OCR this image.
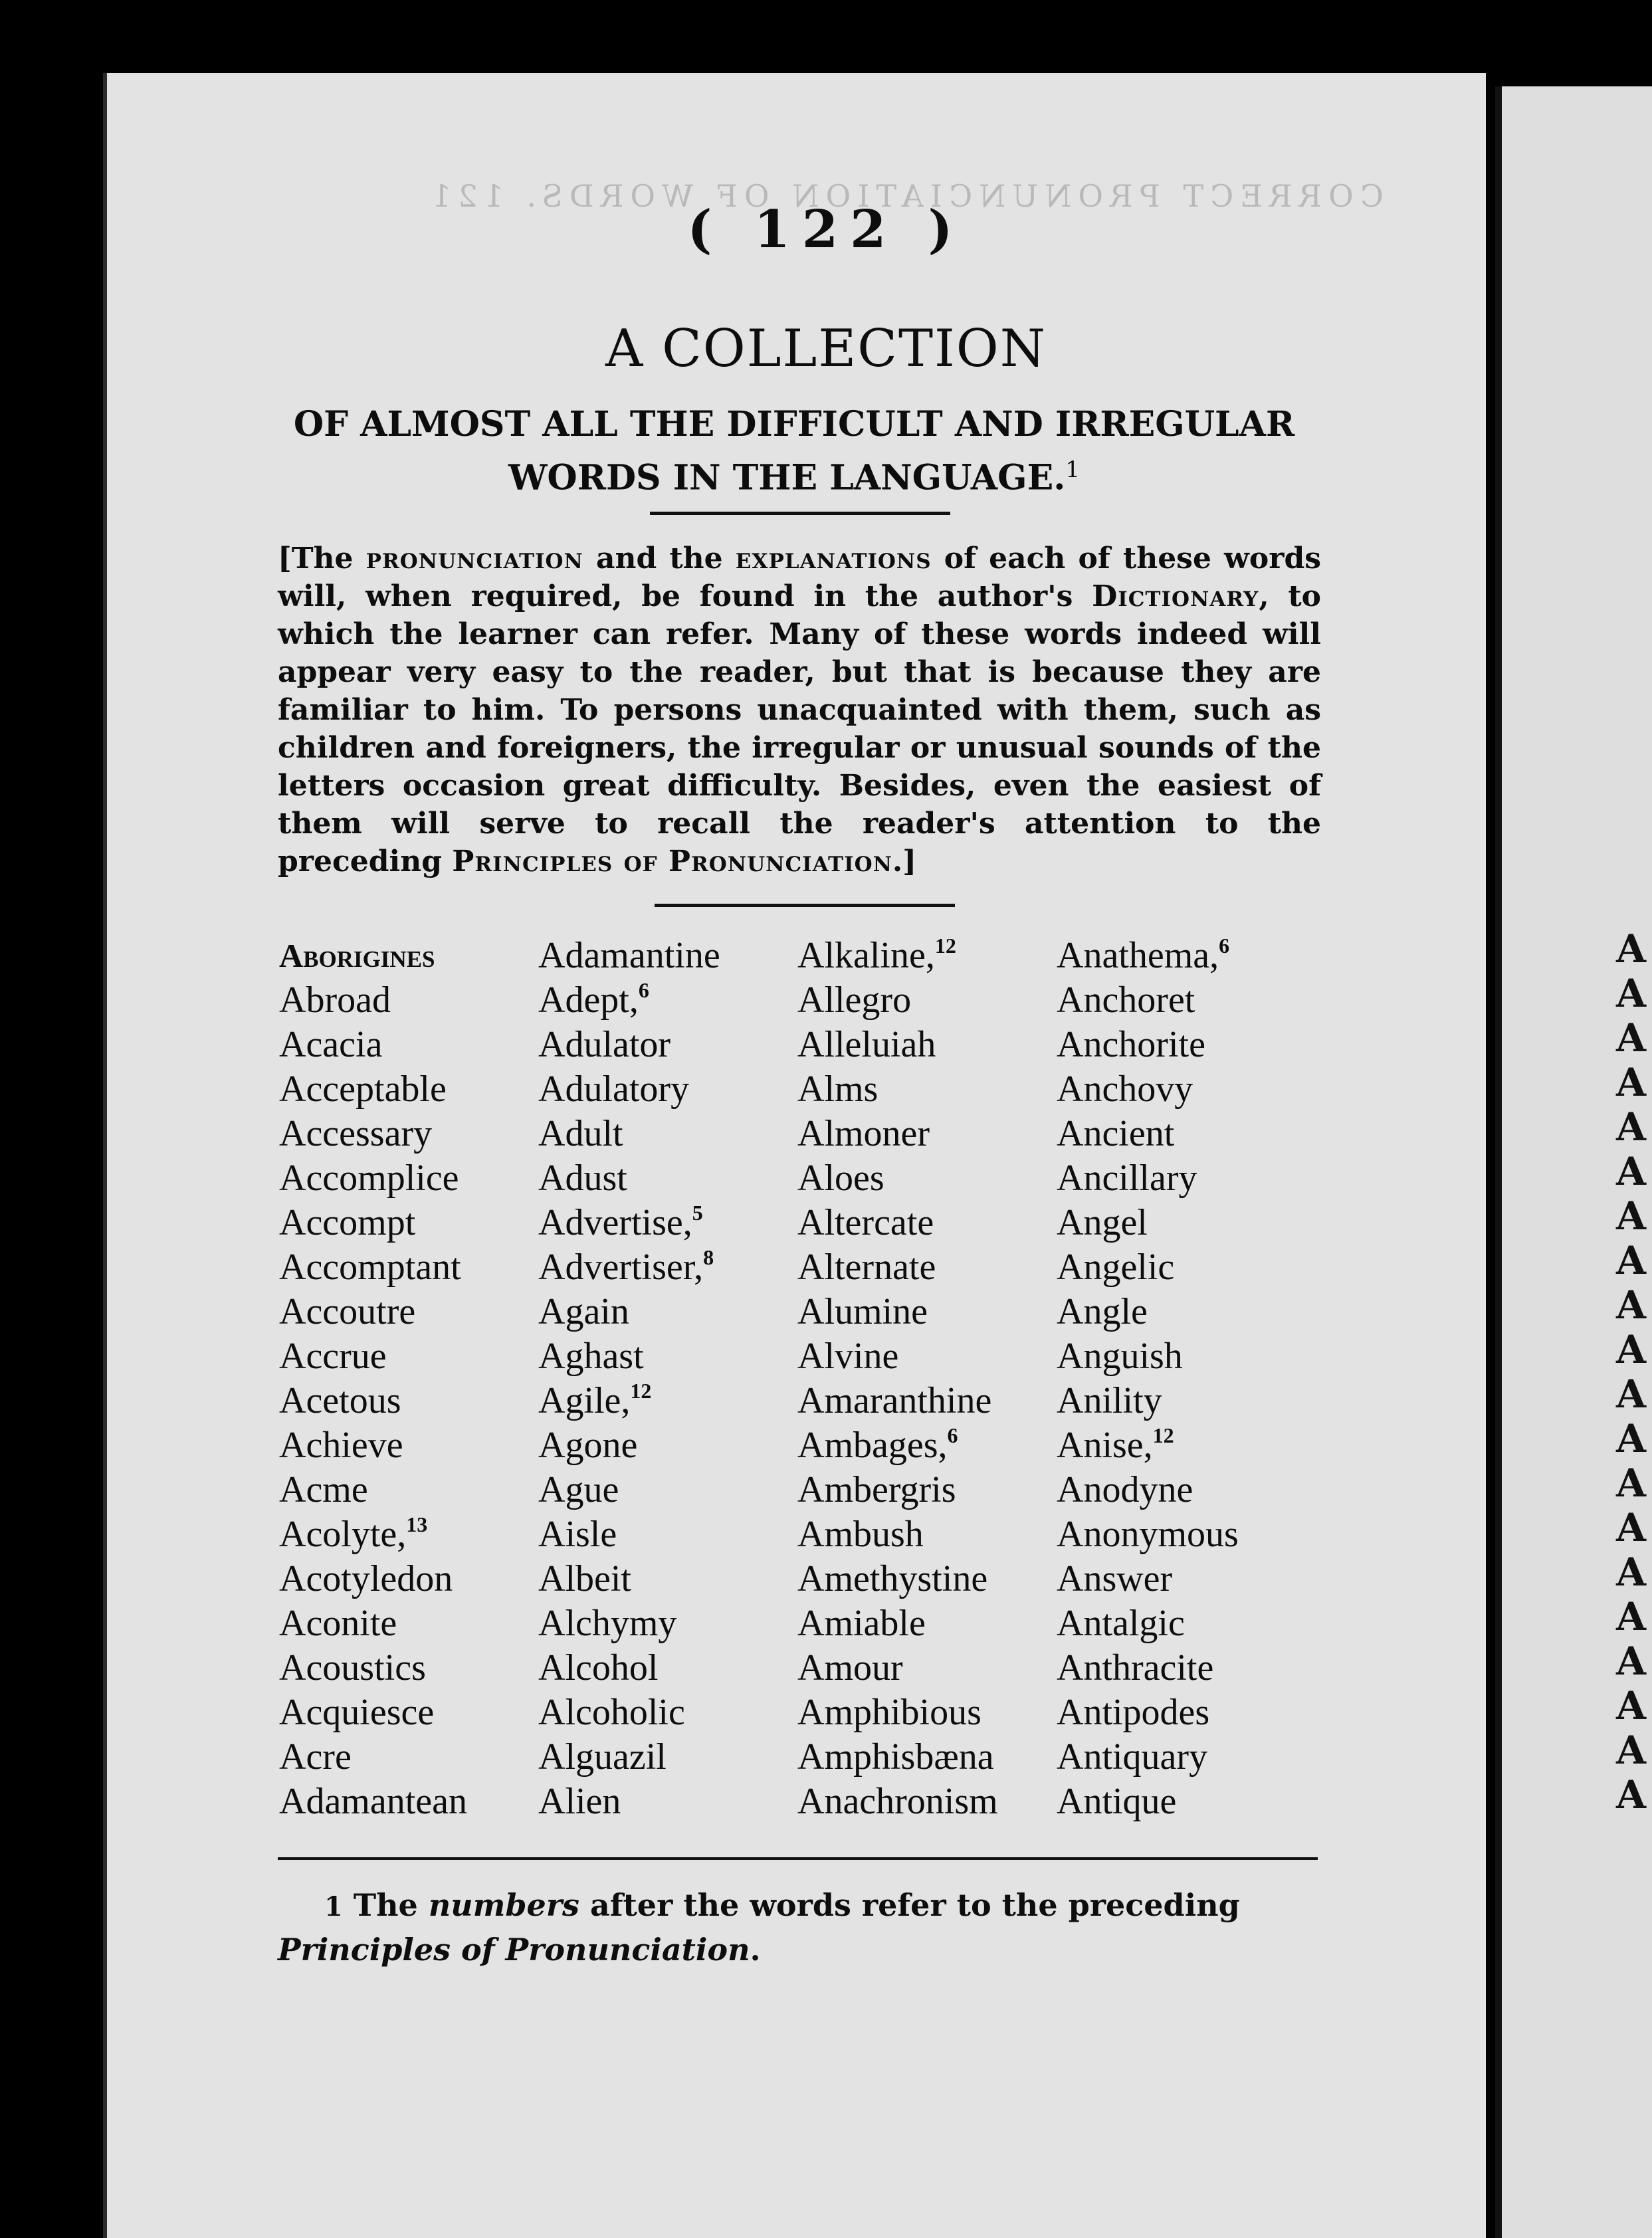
A
A
A
A
A
A
A
A
A
A
A
A
A
A
A
A
A
A
A
A
CORRECT PRONUNCIATION OF WORDS. 121
( 122 )
A COLLECTION
OF ALMOST ALL THE DIFFICULT AND IRREGULAR
WORDS IN THE LANGUAGE.$^1$
[The pronunciation and the explanations of each of these words will, when required, be found in the author's Dictionary, to which the learner can refer. Many of these words indeed will appear very easy to the reader, but that is because they are familiar to him. To persons unacquainted with them, such as children and foreigners, the irregular or unusual sounds of the letters occasion great difficulty. Besides, even the easiest of them will serve to recall the reader's attention to the preceding Principles of Pronunciation.]
Aborigines
Abroad
Acacia
Acceptable
Accessary
Accomplice
Accompt
Accomptant
Accoutre
Accrue
Acetous
Achieve
Acme
Acolyte,$^{13}$
Acotyledon
Aconite
Acoustics
Acquiesce
Acre
Adamantean
Adamantine
Adept,$^6$
Adulator
Adulatory
Adult
Adust
Advertise,$^5$
Advertiser,$^8$
Again
Aghast
Agile,$^{12}$
Agone
Ague
Aisle
Albeit
Alchymy
Alcohol
Alcoholic
Alguazil
Alien
Alkaline,$^{12}$
Allegro
Alleluiah
Alms
Almoner
Aloes
Altercate
Alternate
Alumine
Alvine
Amaranthine
Ambages,$^6$
Ambergris
Ambush
Amethystine
Amiable
Amour
Amphibious
Amphisbæna
Anachronism
Anathema,$^6$
Anchoret
Anchorite
Anchovy
Ancient
Ancillary
Angel
Angelic
Angle
Anguish
Anility
Anise,$^{12}$
Anodyne
Anonymous
Answer
Antalgic
Anthracite
Antipodes
Antiquary
Antique
1 The numbers after the words refer to the preceding Principles of Pronunciation.
